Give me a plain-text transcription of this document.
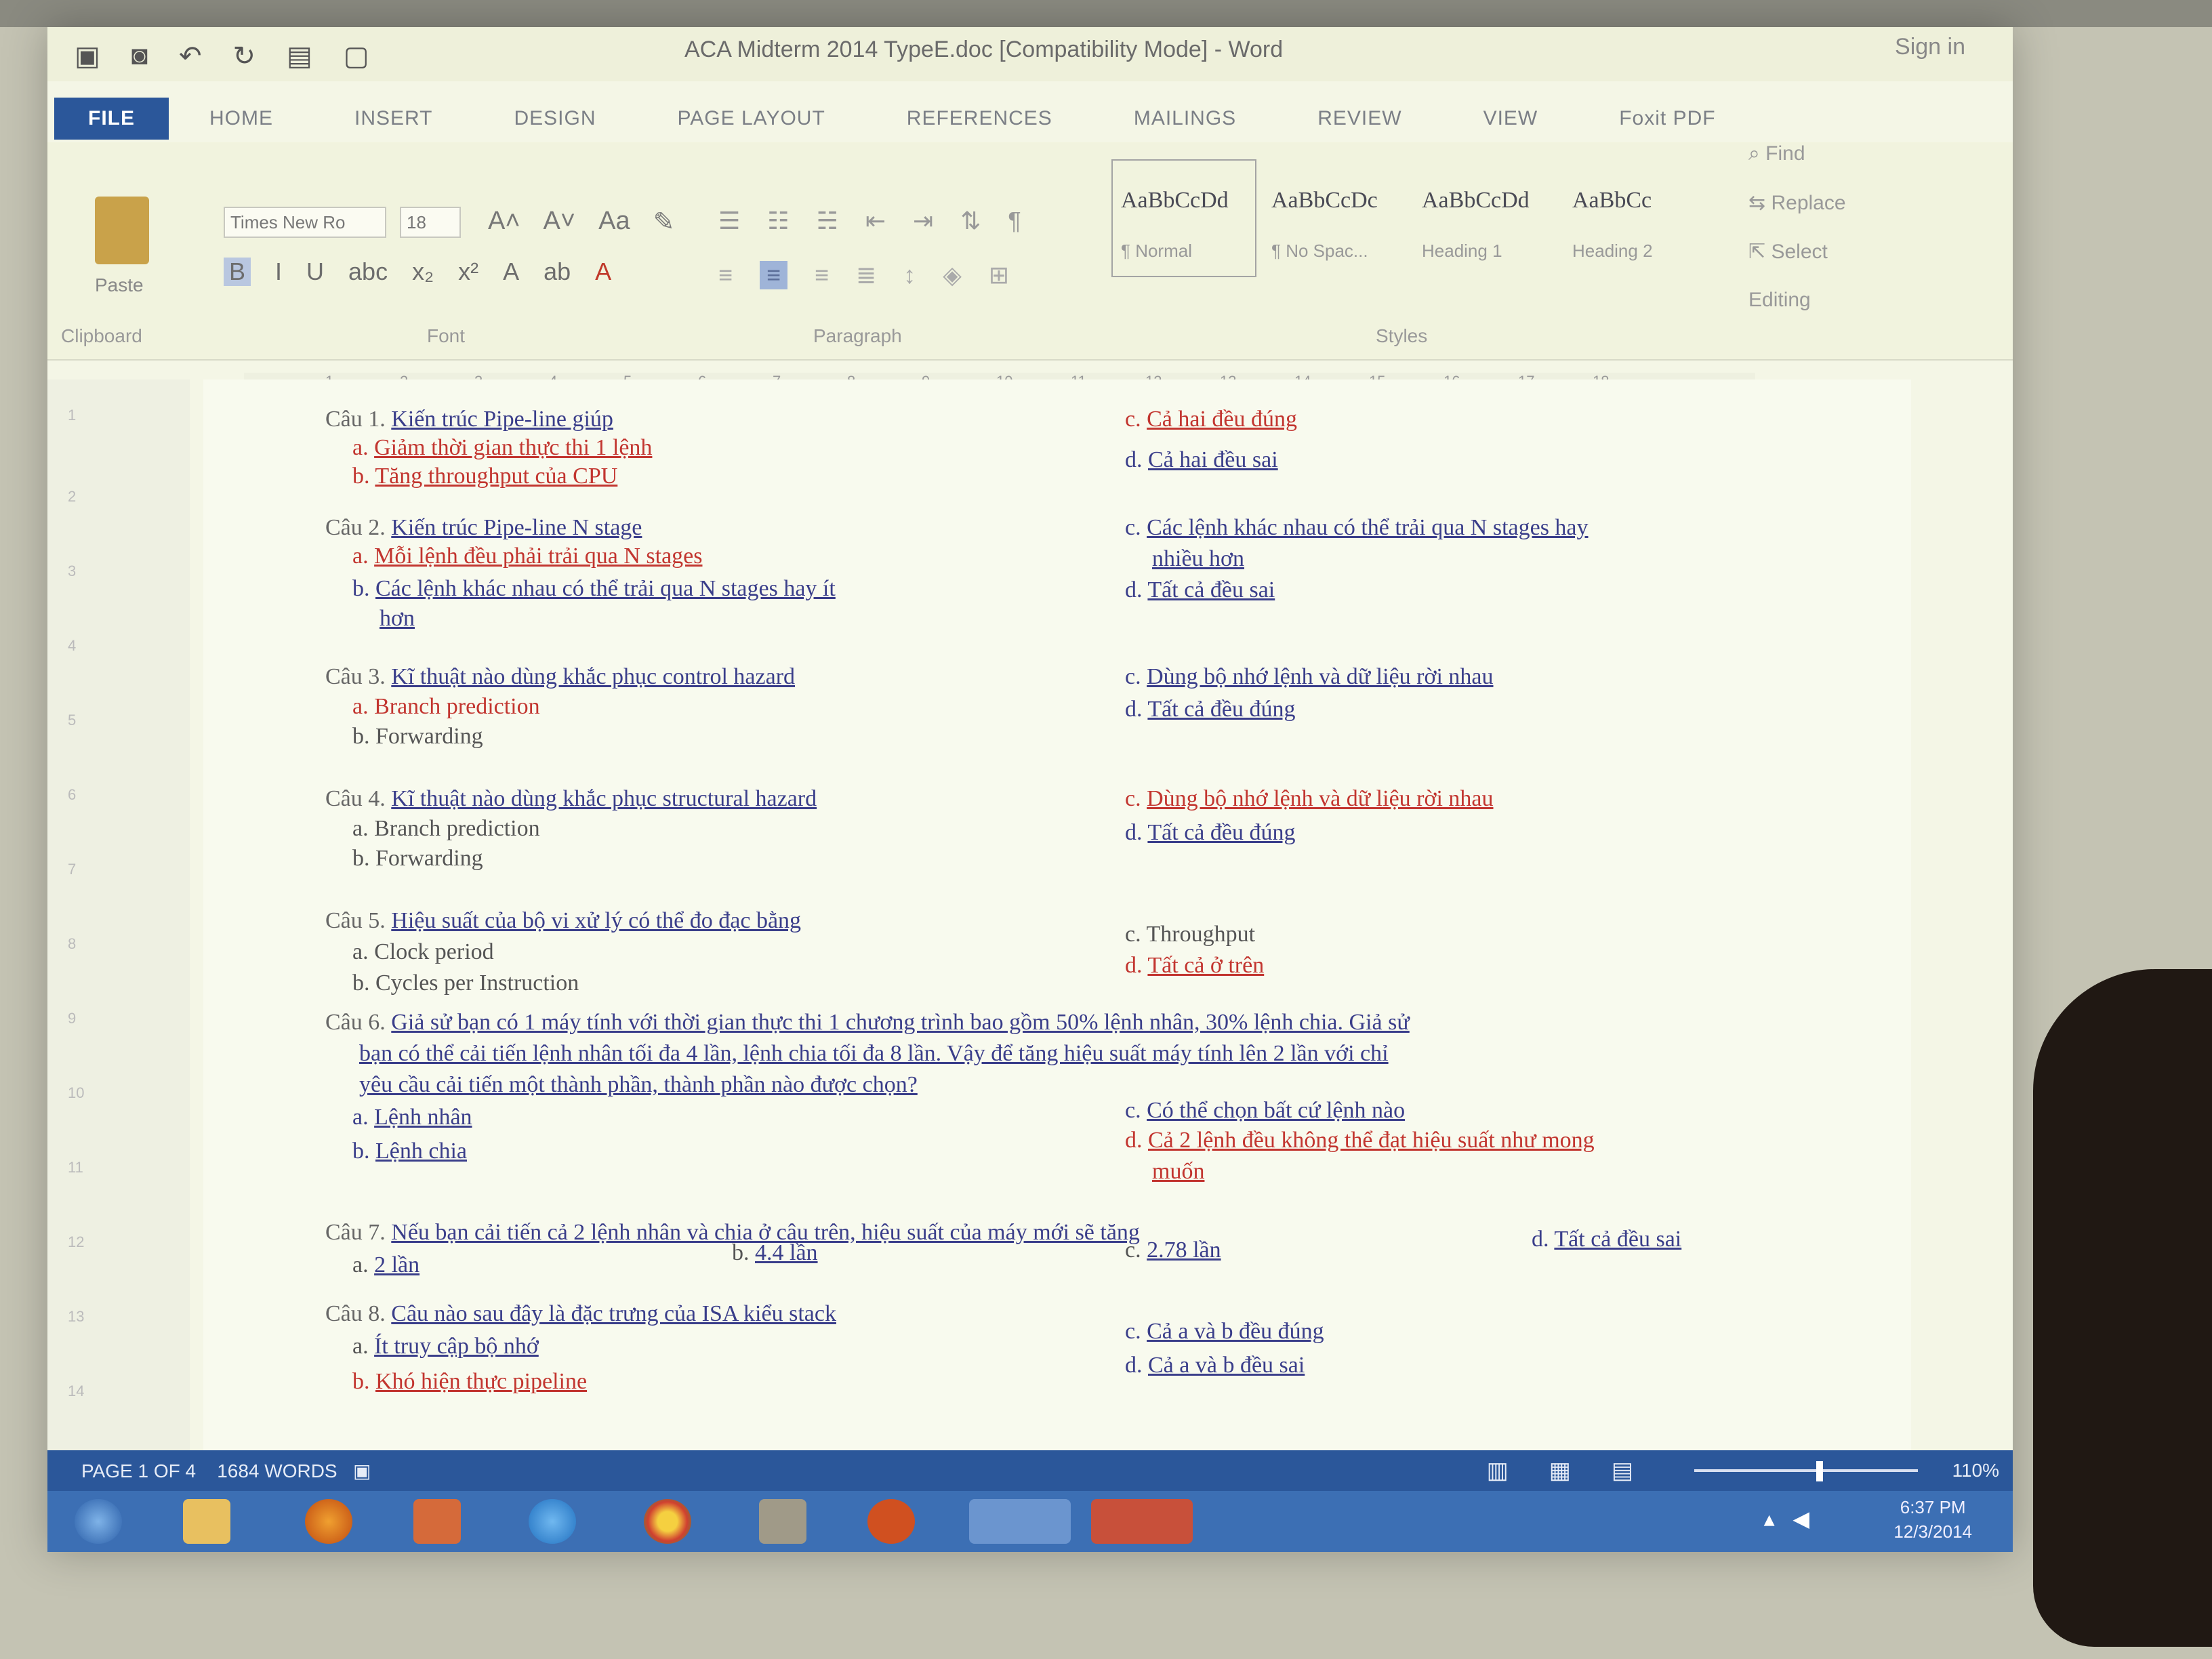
▣ ◙ ↶ ↻ ▤ ▢	ACA Midterm 2014 TypeE.doc [Compatibility Mode] - Word	Sign in
FILE	HOME	INSERT	DESIGN	PAGE LAYOUT	REFERENCES	MAILINGS	REVIEW	VIEW	Foxit PDF
Paste
Clipboard
Times New Ro	18	A˄ A˅ Aa ✎
B I U abc x₂ x² A ab A
Font
☰ ☷ ☵ ⇤ ⇥ ⇅ ¶
≡ ≡ ≡ ≣ ↕ ◈ ⊞
Paragraph
AaBbCcDd
¶ Normal
AaBbCcDc
¶ No Spac...
AaBbCcDd
Heading 1
AaBbCc
Heading 2
Styles
⌕ Find
⇆ Replace
⇱ Select
Editing
1
2
3
4
5
6
7
8
9
10
11
12
13
14
Câu 1. Kiến trúc Pipe-line giúp
a. Giảm thời gian thực thi 1 lệnh
b. Tăng throughput của CPU
c. Cả hai đều đúng
d. Cả hai đều sai
Câu 2. Kiến trúc Pipe-line N stage
a. Mỗi lệnh đều phải trải qua N stages
b. Các lệnh khác nhau có thể trải qua N stages hay ít
hơn
c. Các lệnh khác nhau có thể trải qua N stages hay
nhiều hơn
d. Tất cả đều sai
Câu 3. Kĩ thuật nào dùng khắc phục control hazard
a. Branch prediction
b. Forwarding
c. Dùng bộ nhớ lệnh và dữ liệu rời nhau
d. Tất cả đều đúng
Câu 4. Kĩ thuật nào dùng khắc phục structural hazard
a. Branch prediction
b. Forwarding
c. Dùng bộ nhớ lệnh và dữ liệu rời nhau
d. Tất cả đều đúng
Câu 5. Hiệu suất của bộ vi xử lý có thể đo đạc bằng
a. Clock period
b. Cycles per Instruction
c. Throughput
d. Tất cả ở trên
Câu 6. Giả sử bạn có 1 máy tính với thời gian thực thi 1 chương trình bao gồm 50% lệnh nhân, 30% lệnh chia. Giả sử
bạn có thể cải tiến lệnh nhân tối đa 4 lần, lệnh chia tối đa 8 lần. Vậy để tăng hiệu suất máy tính lên 2 lần với chỉ
yêu cầu cải tiến một thành phần, thành phần nào được chọn?
a. Lệnh nhân
b. Lệnh chia
c. Có thể chọn bất cứ lệnh nào
d. Cả 2 lệnh đều không thể đạt hiệu suất như mong
muốn
Câu 7. Nếu bạn cải tiến cả 2 lệnh nhân và chia ở câu trên, hiệu suất của máy mới sẽ tăng
a. 2 lần	b. 4.4 lần	c. 2.78 lần	d. Tất cả đều sai
Câu 8. Câu nào sau đây là đặc trưng của ISA kiểu stack
a. Ít truy cập bộ nhớ
b. Khó hiện thực pipeline
c. Cả a và b đều đúng
d. Cả a và b đều sai
PAGE 1 OF 4 1684 WORDS ▣	▥ ▦ ▤	110%
▴ ◀	6:37 PM
12/3/2014
